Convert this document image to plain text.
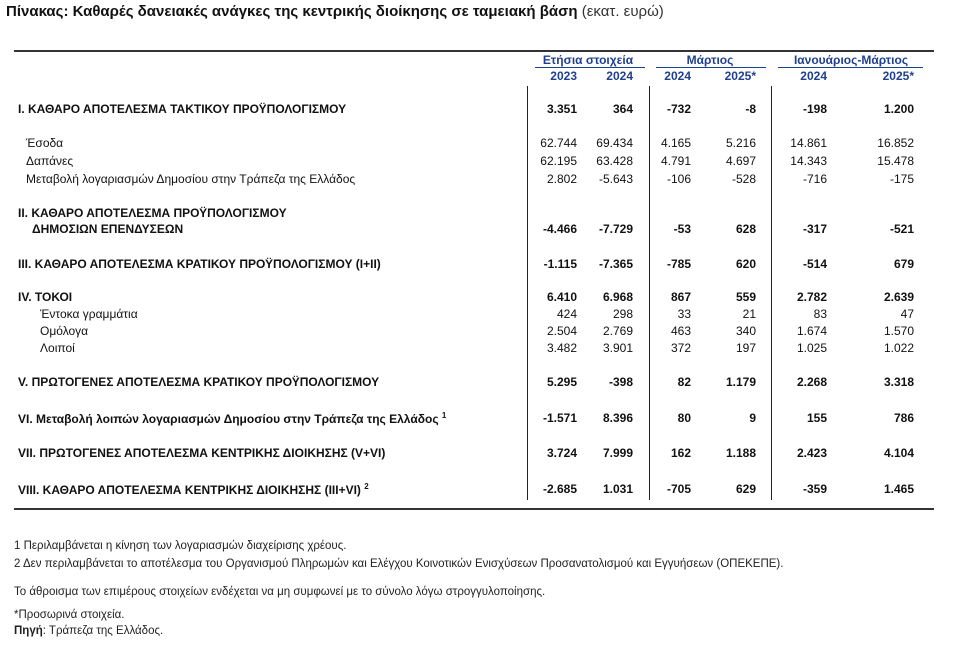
Πίνακας: Καθαρές δανειακές ανάγκες της κεντρικής διοίκησης σε ταμειακή βάση (εκατ. ευρώ)
Ετήσια στοιχεία	Μάρτιος	Ιανουάριος-Μάρτιος
2023	2024	2024	2025*	2024	2025*
I. ΚΑΘΑΡΟ ΑΠΟΤΕΛΕΣΜΑ ΤΑΚΤΙΚΟΥ ΠΡΟΫΠΟΛΟΓΙΣΜΟΥ	3.351	364	-732	-8	-198	1.200
Έσοδα	62.744	69.434	4.165	5.216	14.861	16.852
Δαπάνες	62.195	63.428	4.791	4.697	14.343	15.478
Μεταβολή λογαριασμών Δημοσίου στην Τράπεζα της Ελλάδος	2.802	-5.643	-106	-528	-716	-175
II. ΚΑΘΑΡΟ ΑΠΟΤΕΛΕΣΜΑ ΠΡΟΫΠΟΛΟΓΙΣΜΟΥ
ΔΗΜΟΣΙΩΝ ΕΠΕΝΔΥΣΕΩΝ	-4.466	-7.729	-53	628	-317	-521
III. ΚΑΘΑΡΟ ΑΠΟΤΕΛΕΣΜΑ ΚΡΑΤΙΚΟΥ ΠΡΟΫΠΟΛΟΓΙΣΜΟΥ (I+II)	-1.115	-7.365	-785	620	-514	679
IV. ΤΟΚΟΙ	6.410	6.968	867	559	2.782	2.639
Έντοκα γραμμάτια	424	298	33	21	83	47
Ομόλογα	2.504	2.769	463	340	1.674	1.570
Λοιποί	3.482	3.901	372	197	1.025	1.022
V. ΠΡΩΤΟΓΕΝΕΣ ΑΠΟΤΕΛΕΣΜΑ ΚΡΑΤΙΚΟΥ ΠΡΟΫΠΟΛΟΓΙΣΜΟΥ	5.295	-398	82	1.179	2.268	3.318
VI. Μεταβολή λοιπών λογαριασμών Δημοσίου στην Τράπεζα της Ελλάδος $^1$	-1.571	8.396	80	9	155	786
VII. ΠΡΩΤΟΓΕΝΕΣ ΑΠΟΤΕΛΕΣΜΑ ΚΕΝΤΡΙΚΗΣ ΔΙΟΙΚΗΣΗΣ (V+VI)	3.724	7.999	162	1.188	2.423	4.104
VIII. ΚΑΘΑΡΟ ΑΠΟΤΕΛΕΣΜΑ ΚΕΝΤΡΙΚΗΣ ΔΙΟΙΚΗΣΗΣ (III+VI) $^2$	-2.685	1.031	-705	629	-359	1.465
1 Περιλαμβάνεται η κίνηση των λογαριασμών διαχείρισης χρέους.
2 Δεν περιλαμβάνεται το αποτέλεσμα του Οργανισμού Πληρωμών και Ελέγχου Κοινοτικών Ενισχύσεων Προσανατολισμού και Εγγυήσεων (ΟΠΕΚΕΠΕ).
Το άθροισμα των επιμέρους στοιχείων ενδέχεται να μη συμφωνεί με το σύνολο λόγω στρογγυλοποίησης.
*Προσωρινά στοιχεία.
Πηγή: Τράπεζα της Ελλάδος.
